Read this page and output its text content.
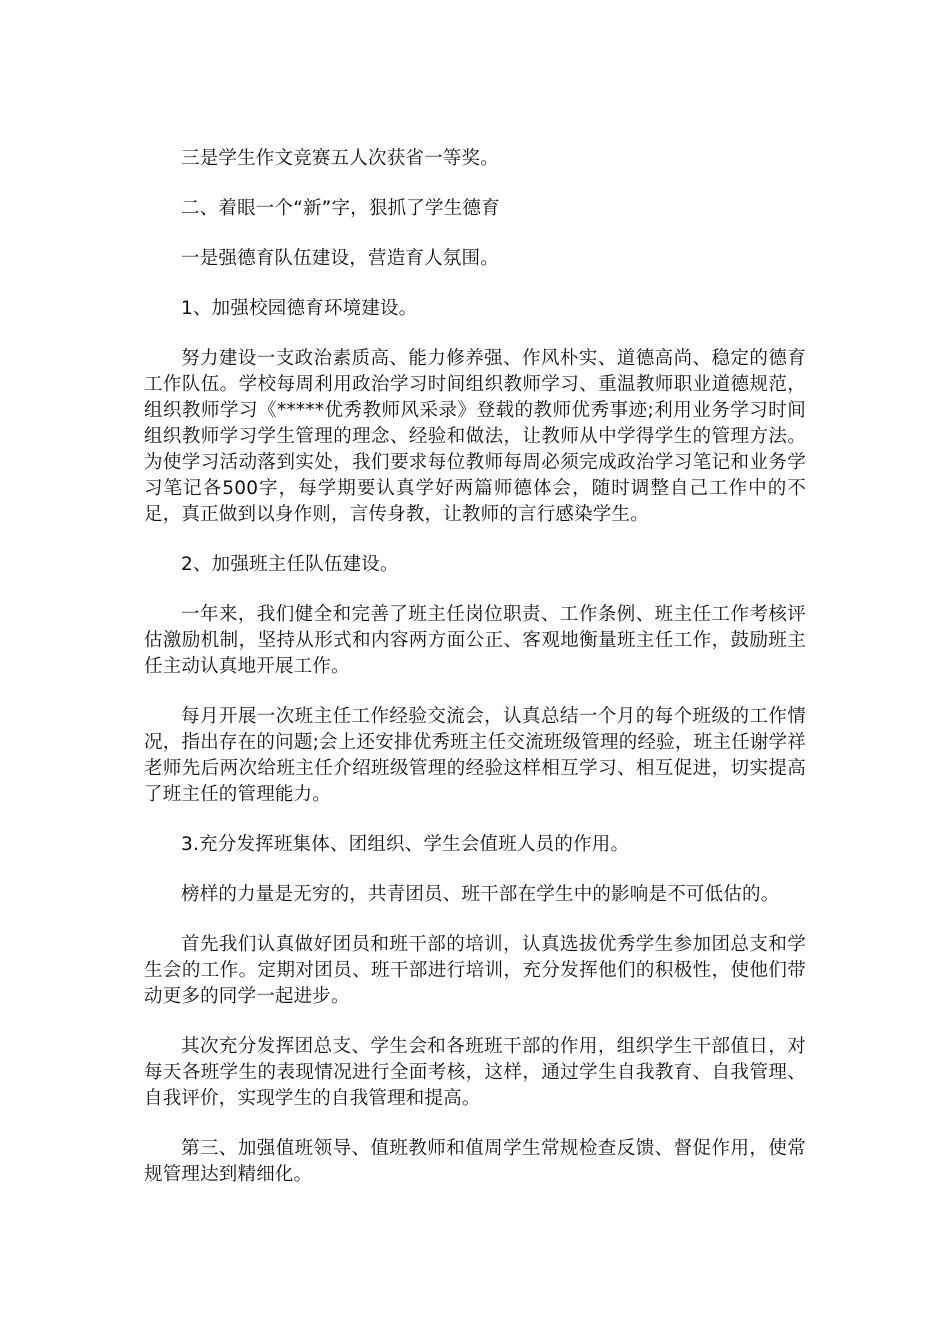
三是学生作文竞赛五人次获省一等奖。

二、着眼一个“新”字，狠抓了学生德育

一是强德育队伍建设，营造育人氛围。

1、加强校园德育环境建设。

努力建设一支政治素质高、能力修养强、作风朴实、道德高尚、稳定的德育工作队伍。学校每周利用政治学习时间组织教师学习、重温教师职业道德规范，组织教师学习《*****优秀教师风采录》登载的教师优秀事迹;利用业务学习时间组织教师学习学生管理的理念、经验和做法，让教师从中学得学生的管理方法。为使学习活动落到实处，我们要求每位教师每周必须完成政治学习笔记和业务学习笔记各500字，每学期要认真学好两篇师德体会，随时调整自己工作中的不足，真正做到以身作则，言传身教，让教师的言行感染学生。

2、加强班主任队伍建设。

一年来，我们健全和完善了班主任岗位职责、工作条例、班主任工作考核评估激励机制，坚持从形式和内容两方面公正、客观地衡量班主任工作，鼓励班主任主动认真地开展工作。

每月开展一次班主任工作经验交流会，认真总结一个月的每个班级的工作情况，指出存在的问题;会上还安排优秀班主任交流班级管理的经验，班主任谢学祥老师先后两次给班主任介绍班级管理的经验这样相互学习、相互促进，切实提高了班主任的管理能力。

3.充分发挥班集体、团组织、学生会值班人员的作用。

榜样的力量是无穷的，共青团员、班干部在学生中的影响是不可低估的。

首先我们认真做好团员和班干部的培训，认真选拔优秀学生参加团总支和学生会的工作。定期对团员、班干部进行培训，充分发挥他们的积极性，使他们带动更多的同学一起进步。

其次充分发挥团总支、学生会和各班班干部的作用，组织学生干部值日，对每天各班学生的表现情况进行全面考核，这样，通过学生自我教育、自我管理、自我评价，实现学生的自我管理和提高。

第三、加强值班领导、值班教师和值周学生常规检查反馈、督促作用，使常规管理达到精细化。
